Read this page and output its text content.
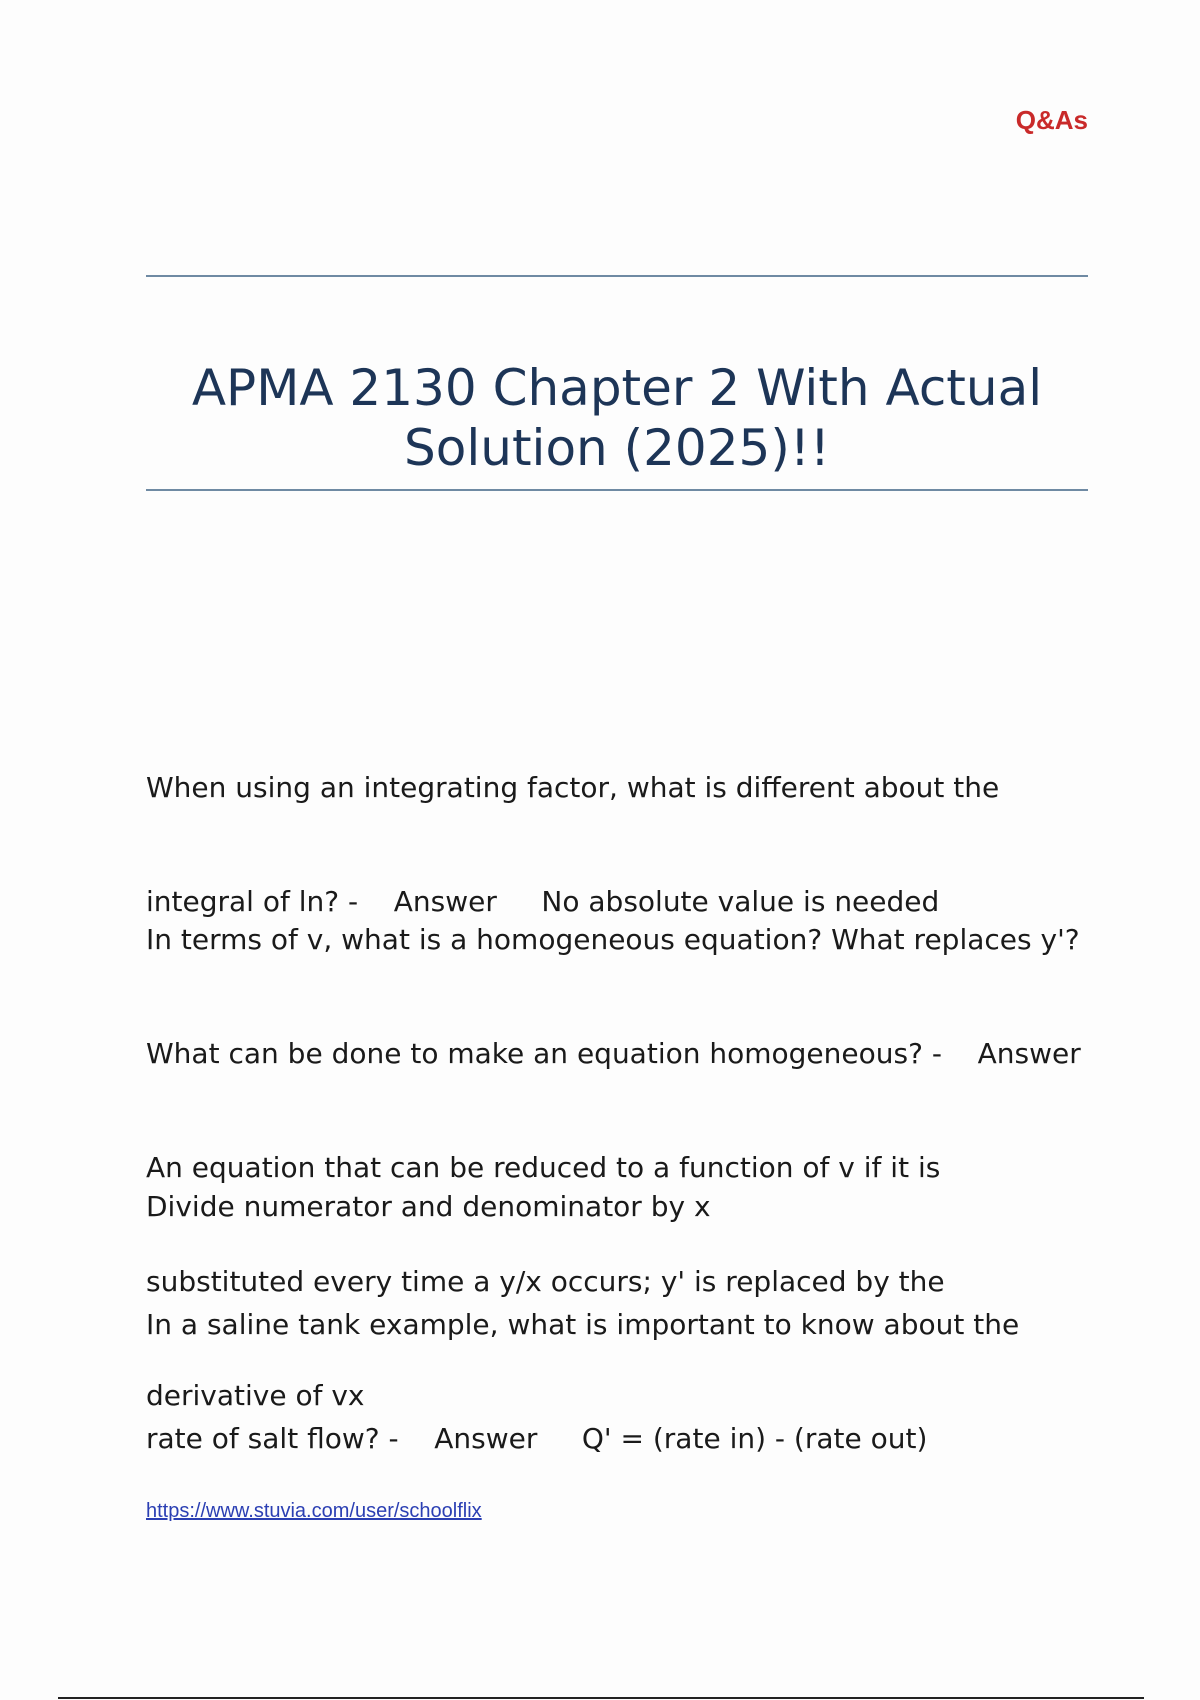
Q&As
APMA 2130 Chapter 2 With Actual
Solution (2025)!!

When using an integrating factor, what is different about the

integral of ln? - Answer No absolute value is needed

In terms of v, what is a homogeneous equation? What replaces y'?

What can be done to make an equation homogeneous? - Answer

An equation that can be reduced to a function of v if it is

substituted every time a y/x occurs; y' is replaced by the

derivative of vx

Divide numerator and denominator by x

In a saline tank example, what is important to know about the

rate of salt flow? - Answer Q' = (rate in) - (rate out)

https://www.stuvia.com/user/schoolflix
